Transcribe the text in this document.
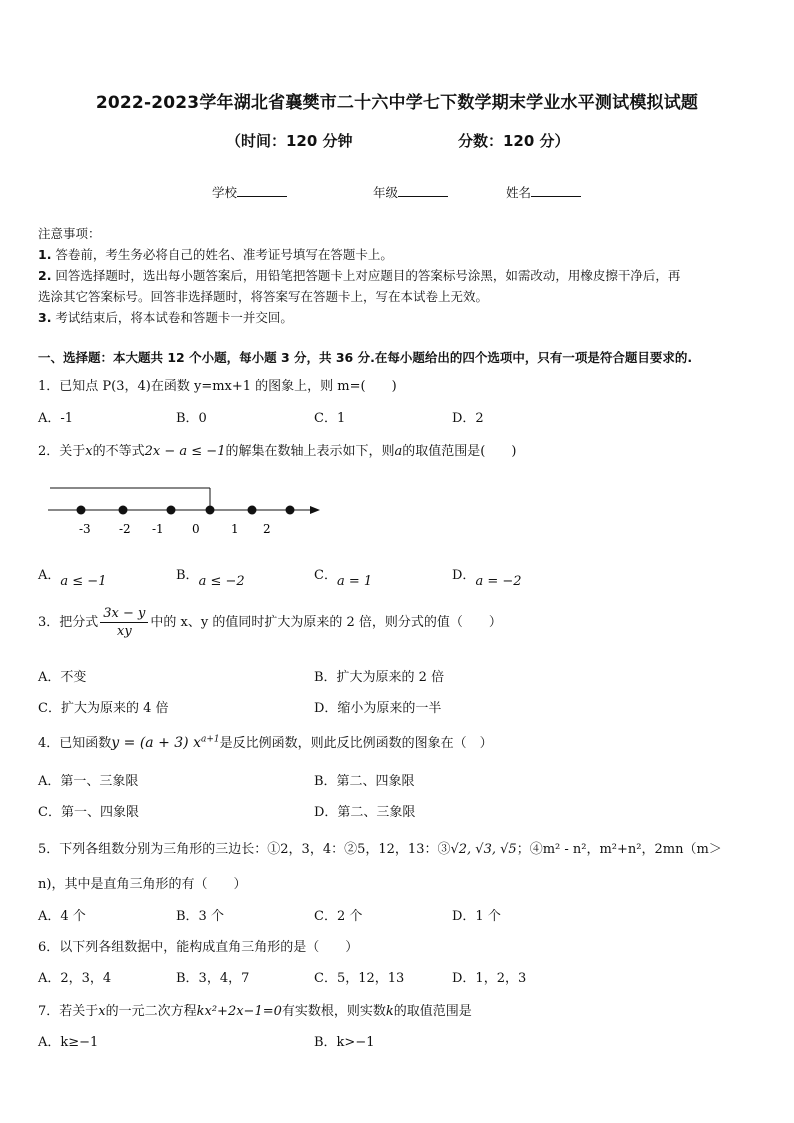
2022-2023学年湖北省襄樊市二十六中学七下数学期末学业水平测试模拟试题
（时间：120 分钟	分数：120 分）
学校	年级	姓名
注意事项：
1. 答卷前，考生务必将自己的姓名、准考证号填写在答题卡上。
2. 回答选择题时，选出每小题答案后，用铅笔把答题卡上对应题目的答案标号涂黑，如需改动，用橡皮擦干净后，再
选涂其它答案标号。回答非选择题时，将答案写在答题卡上，写在本试卷上无效。
3. 考试结束后，将本试卷和答题卡一并交回。
一、选择题：本大题共 12 个小题，每小题 3 分，共 36 分.在每小题给出的四个选项中，只有一项是符合题目要求的.
1．已知点 P(3，4)在函数 y=mx+1 的图象上，则 m=(　　)
A．-1	B．0	C．1	D．2
2．关于x的不等式2x − a ≤ −1的解集在数轴上表示如下，则a的取值范围是(　　)
-3 -2 -1 0	1 2
A．a ≤ −1	B．a ≤ −2	C．a = 1	D．a = −2
3．把分式 $\frac{3x - y}{xy}$ 中的 x、y 的值同时扩大为原来的 2 倍，则分式的值（　　）
A．不变	B．扩大为原来的 2 倍
C．扩大为原来的 4 倍	D．缩小为原来的一半
4．已知函数y = (a + 3) $x^{a+1}$是反比例函数，则此反比例函数的图象在（　）
A．第一、三象限	B．第二、四象限
C．第一、四象限	D．第二、三象限
5．下列各组数分别为三角形的三边长：①2，3，4：②5，12，13：③√2, √3, √5；④m² - n²，m²+n²，2mn（m＞
n)，其中是直角三角形的有（　　）
A．4 个	B．3 个	C．2 个	D．1 个
6．以下列各组数据中，能构成直角三角形的是（　　）
A．2，3，4	B．3，4，7	C．5，12，13	D．1，2，3
7．若关于x的一元二次方程kx²+2x−1=0有实数根，则实数k的取值范围是
A．k≥−1	B．k>−1
